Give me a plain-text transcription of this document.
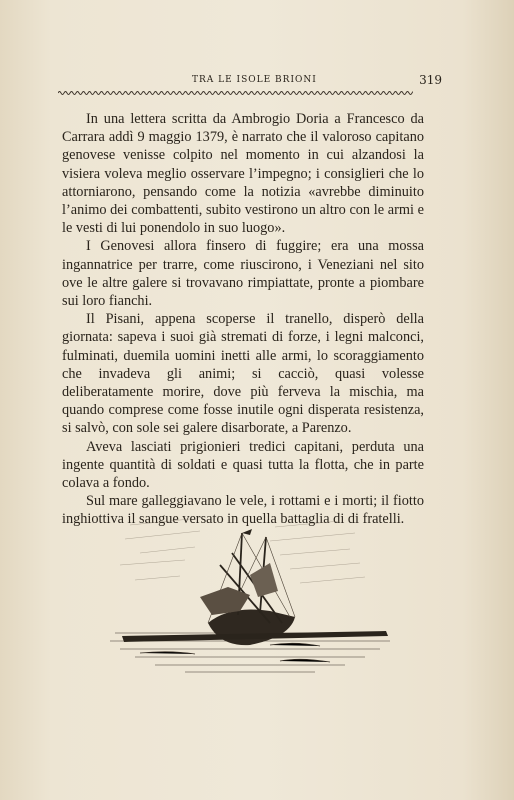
TRA LE ISOLE BRIONI	319

In una lettera scritta da Ambrogio Doria a Francesco da Carrara addì 9 maggio 1379, è narrato che il valoroso capitano genovese venisse colpito nel momento in cui alzandosi la visiera voleva meglio osservare l’impegno; i consiglieri che lo attorniarono, pensando come la notizia «avrebbe diminuito l’animo dei combattenti, subito vestirono un altro con le armi e le vesti di lui ponendolo in suo luogo».

I Genovesi allora finsero di fuggire; era una mossa ingannatrice per trarre, come riuscirono, i Veneziani nel sito ove le altre galere si trovavano rimpiattate, pronte a piombare sui loro fianchi.

Il Pisani, appena scoperse il tranello, disperò della giornata: sapeva i suoi già stremati di forze, i legni malconci, fulminati, duemila uomini inetti alle armi, lo scoraggiamento che invadeva gli animi; si cacciò, quasi volesse deliberatamente morire, dove più ferveva la mischia, ma quando comprese come fosse inutile ogni disperata resistenza, si salvò, con sole sei galere disarborate, a Parenzo.

Aveva lasciati prigionieri tredici capitani, perduta una ingente quantità di soldati e quasi tutta la flotta, che in parte colava a fondo.

Sul mare galleggiavano le vele, i rottami e i morti; il fiotto inghiottiva il sangue versato in quella battaglia di di fratelli.
